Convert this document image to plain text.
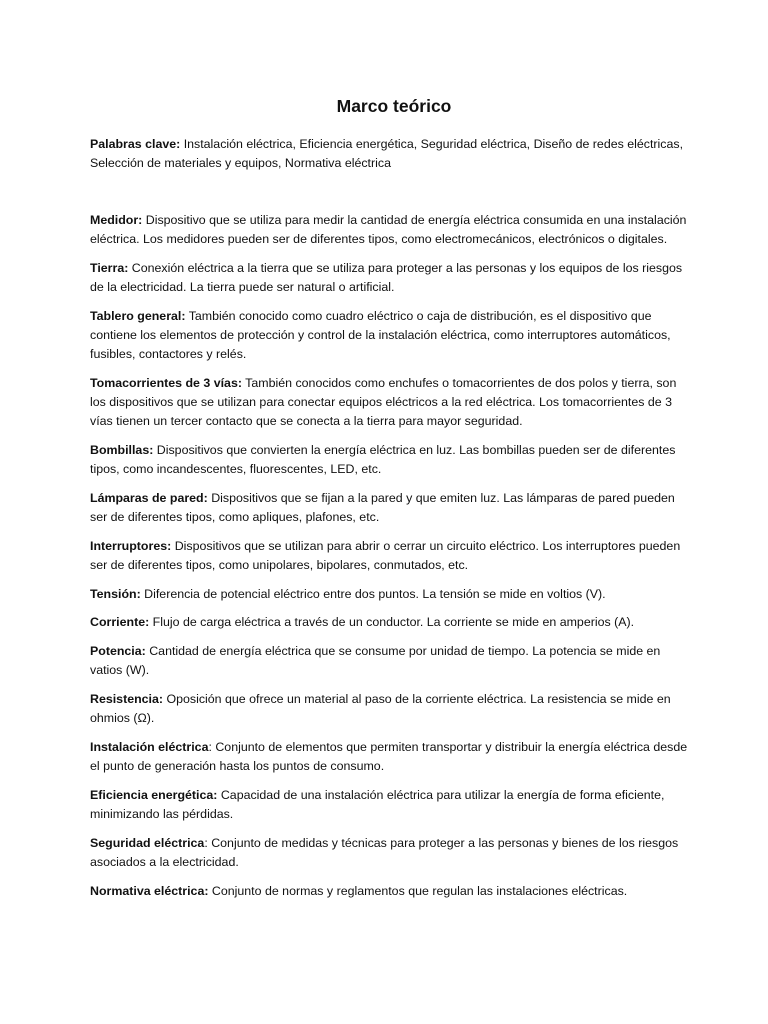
Marco teórico

Palabras clave: Instalación eléctrica, Eficiencia energética, Seguridad eléctrica, Diseño de redes eléctricas, Selección de materiales y equipos, Normativa eléctrica

Medidor: Dispositivo que se utiliza para medir la cantidad de energía eléctrica consumida en una instalación eléctrica. Los medidores pueden ser de diferentes tipos, como electromecánicos, electrónicos o digitales.

Tierra: Conexión eléctrica a la tierra que se utiliza para proteger a las personas y los equipos de los riesgos de la electricidad. La tierra puede ser natural o artificial.

Tablero general: También conocido como cuadro eléctrico o caja de distribución, es el dispositivo que contiene los elementos de protección y control de la instalación eléctrica, como interruptores automáticos, fusibles, contactores y relés.

Tomacorrientes de 3 vías: También conocidos como enchufes o tomacorrientes de dos polos y tierra, son los dispositivos que se utilizan para conectar equipos eléctricos a la red eléctrica. Los tomacorrientes de 3 vías tienen un tercer contacto que se conecta a la tierra para mayor seguridad.

Bombillas: Dispositivos que convierten la energía eléctrica en luz. Las bombillas pueden ser de diferentes tipos, como incandescentes, fluorescentes, LED, etc.

Lámparas de pared: Dispositivos que se fijan a la pared y que emiten luz. Las lámparas de pared pueden ser de diferentes tipos, como apliques, plafones, etc.

Interruptores: Dispositivos que se utilizan para abrir o cerrar un circuito eléctrico. Los interruptores pueden ser de diferentes tipos, como unipolares, bipolares, conmutados, etc.

Tensión: Diferencia de potencial eléctrico entre dos puntos. La tensión se mide en voltios (V).

Corriente: Flujo de carga eléctrica a través de un conductor. La corriente se mide en amperios (A).

Potencia: Cantidad de energía eléctrica que se consume por unidad de tiempo. La potencia se mide en vatios (W).

Resistencia: Oposición que ofrece un material al paso de la corriente eléctrica. La resistencia se mide en ohmios (Ω).

Instalación eléctrica: Conjunto de elementos que permiten transportar y distribuir la energía eléctrica desde el punto de generación hasta los puntos de consumo.

Eficiencia energética: Capacidad de una instalación eléctrica para utilizar la energía de forma eficiente, minimizando las pérdidas.

Seguridad eléctrica: Conjunto de medidas y técnicas para proteger a las personas y bienes de los riesgos asociados a la electricidad.

Normativa eléctrica: Conjunto de normas y reglamentos que regulan las instalaciones eléctricas.
